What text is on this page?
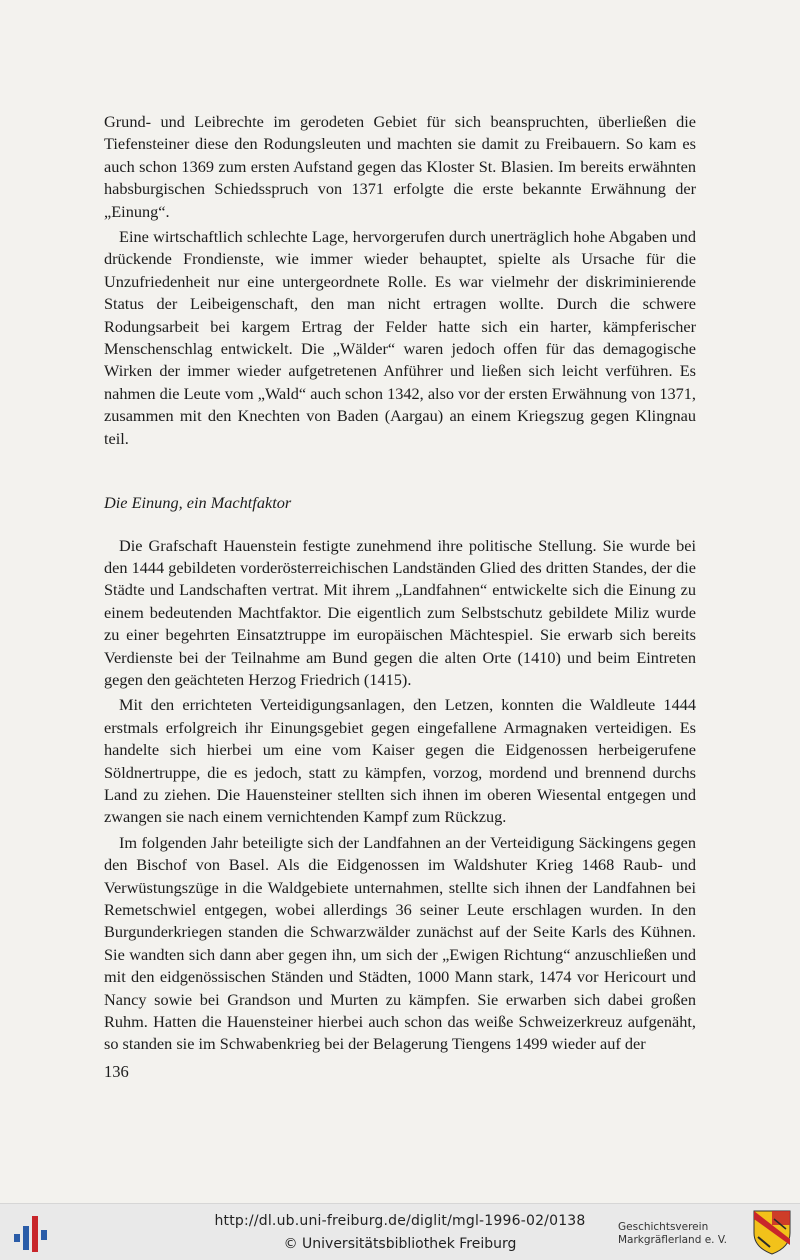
Grund- und Leibrechte im gerodeten Gebiet für sich beanspruchten, überließen die Tiefensteiner diese den Rodungsleuten und machten sie damit zu Freibauern. So kam es auch schon 1369 zum ersten Aufstand gegen das Kloster St. Blasien. Im bereits erwähnten habsburgischen Schiedsspruch von 1371 erfolgte die erste bekannte Erwähnung der „Einung“.

Eine wirtschaftlich schlechte Lage, hervorgerufen durch unerträglich hohe Abgaben und drückende Frondienste, wie immer wieder behauptet, spielte als Ursache für die Unzufriedenheit nur eine untergeordnete Rolle. Es war vielmehr der diskriminierende Status der Leibeigenschaft, den man nicht ertragen wollte. Durch die schwere Rodungsarbeit bei kargem Ertrag der Felder hatte sich ein harter, kämpferischer Menschenschlag entwickelt. Die „Wälder“ waren jedoch offen für das demagogische Wirken der immer wieder aufgetretenen Anführer und ließen sich leicht verführen. Es nahmen die Leute vom „Wald“ auch schon 1342, also vor der ersten Erwähnung von 1371, zusammen mit den Knechten von Baden (Aargau) an einem Kriegszug gegen Klingnau teil.

Die Einung, ein Machtfaktor

Die Grafschaft Hauenstein festigte zunehmend ihre politische Stellung. Sie wurde bei den 1444 gebildeten vorderösterreichischen Landständen Glied des dritten Standes, der die Städte und Landschaften vertrat. Mit ihrem „Landfahnen“ entwickelte sich die Einung zu einem bedeutenden Machtfaktor. Die eigentlich zum Selbstschutz gebildete Miliz wurde zu einer begehrten Einsatztruppe im europäischen Mächtespiel. Sie erwarb sich bereits Verdienste bei der Teilnahme am Bund gegen die alten Orte (1410) und beim Eintreten gegen den geächteten Herzog Friedrich (1415).

Mit den errichteten Verteidigungsanlagen, den Letzen, konnten die Waldleute 1444 erstmals erfolgreich ihr Einungsgebiet gegen eingefallene Armagnaken verteidigen. Es handelte sich hierbei um eine vom Kaiser gegen die Eidgenossen herbeigerufene Söldnertruppe, die es jedoch, statt zu kämpfen, vorzog, mordend und brennend durchs Land zu ziehen. Die Hauensteiner stellten sich ihnen im oberen Wiesental entgegen und zwangen sie nach einem vernichtenden Kampf zum Rückzug.

Im folgenden Jahr beteiligte sich der Landfahnen an der Verteidigung Säckingens gegen den Bischof von Basel. Als die Eidgenossen im Waldshuter Krieg 1468 Raub- und Verwüstungszüge in die Waldgebiete unternahmen, stellte sich ihnen der Landfahnen bei Remetschwiel entgegen, wobei allerdings 36 seiner Leute erschlagen wurden. In den Burgunderkriegen standen die Schwarzwälder zunächst auf der Seite Karls des Kühnen. Sie wandten sich dann aber gegen ihn, um sich der „Ewigen Richtung“ anzuschließen und mit den eidgenössischen Ständen und Städten, 1000 Mann stark, 1474 vor Hericourt und Nancy sowie bei Grandson und Murten zu kämpfen. Sie erwarben sich dabei großen Ruhm. Hatten die Hauensteiner hierbei auch schon das weiße Schweizerkreuz aufgenäht, so standen sie im Schwabenkrieg bei der Belagerung Tiengens 1499 wieder auf der

136
http://dl.ub.uni-freiburg.de/diglit/mgl-1996-02/0138
© Universitätsbibliothek Freiburg
Geschichtsverein
Markgräflerland e. V.
